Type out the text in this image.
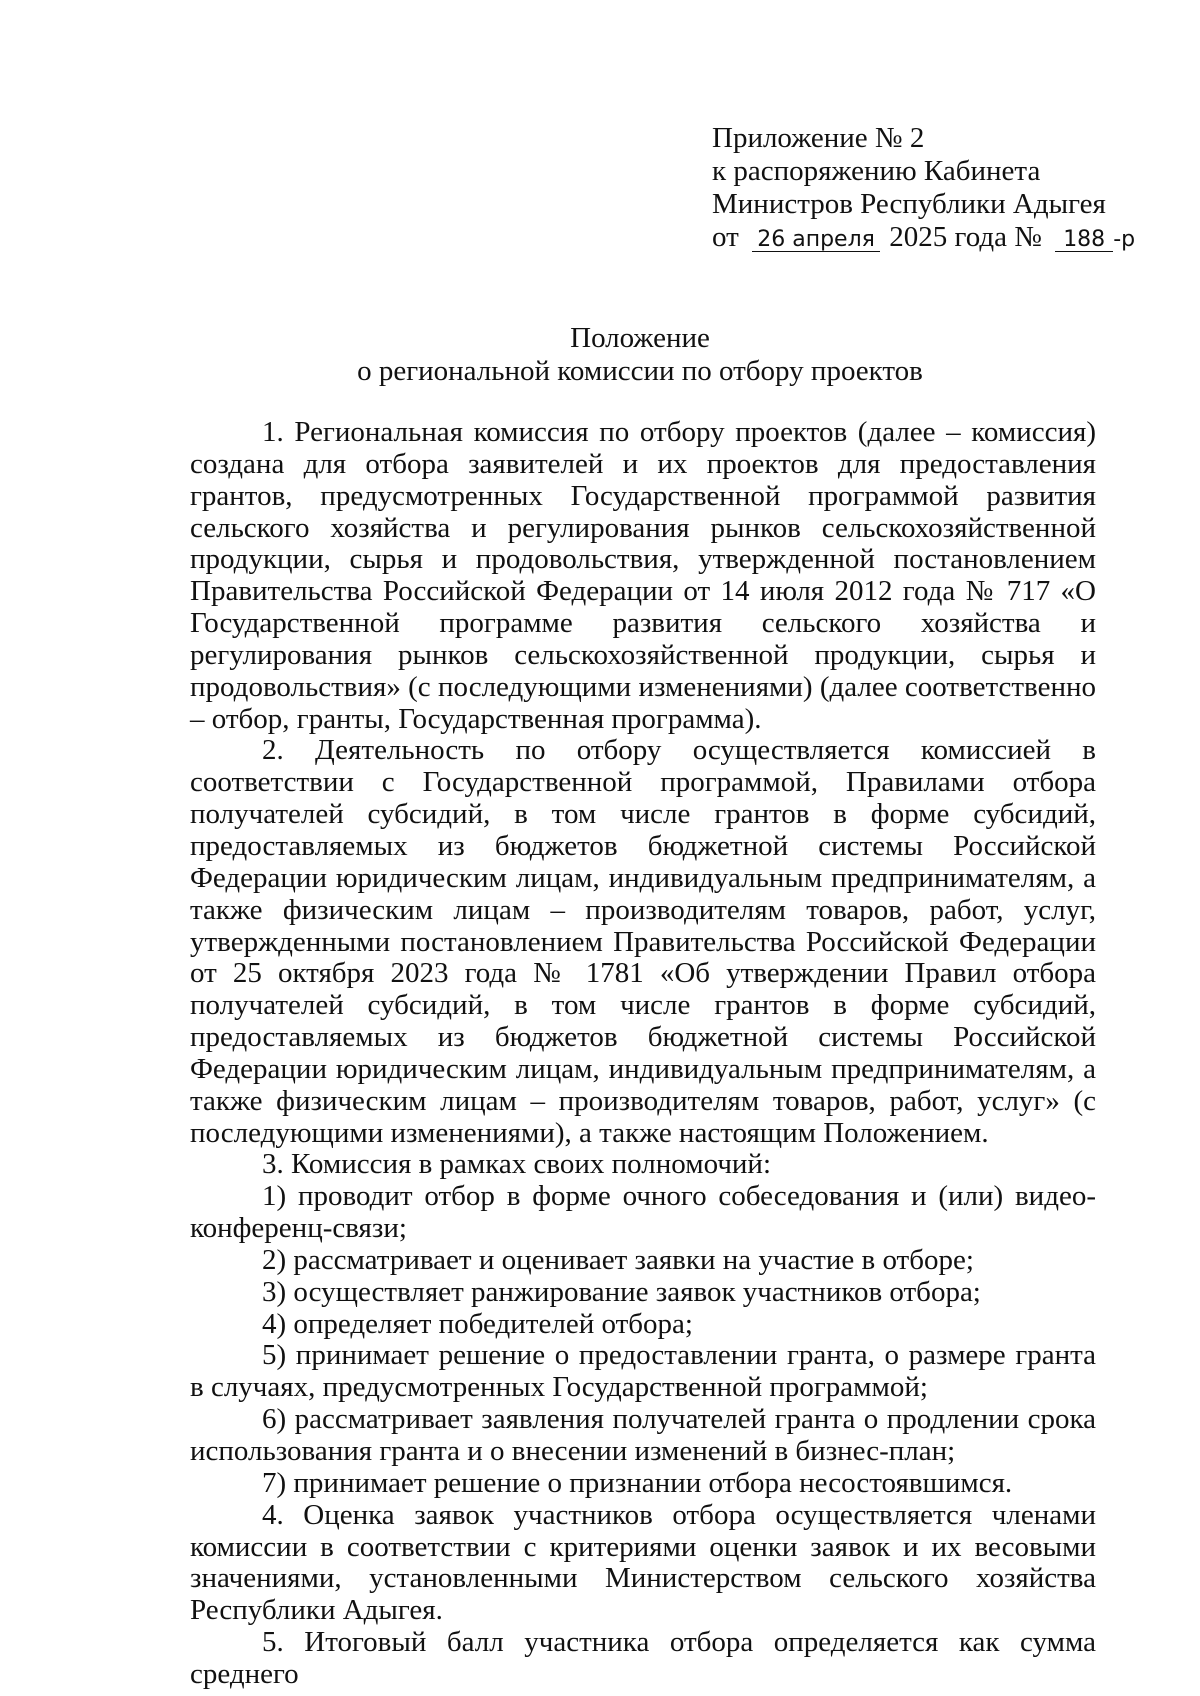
Приложение № 2
к распоряжению Кабинета
Министров Республики Адыгея
от 26 апреля 2025 года № 188 -р
Положение
о региональной комиссии по отбору проектов

1. Региональная комиссия по отбору проектов (далее – комиссия) создана для отбора заявителей и их проектов для предоставления грантов, предусмотренных Государственной программой развития сельского хозяйства и регулирования рынков сельскохозяйственной продукции, сырья и продовольствия, утвержденной постановлением Правительства Российской Федерации от 14 июля 2012 года № 717 «О Государственной программе развития сельского хозяйства и регулирования рынков сельскохозяйственной продукции, сырья и продовольствия» (с последующими изменениями) (далее соответственно – отбор, гранты, Государственная программа).

2. Деятельность по отбору осуществляется комиссией в соответствии с Государственной программой, Правилами отбора получателей субсидий, в том числе грантов в форме субсидий, предоставляемых из бюджетов бюджетной системы Российской Федерации юридическим лицам, индивидуальным предпринимателям, а также физическим лицам – производителям товаров, работ, услуг, утвержденными постановлением Правительства Российской Федерации от 25 октября 2023 года № 1781 «Об утверждении Правил отбора получателей субсидий, в том числе грантов в форме субсидий, предоставляемых из бюджетов бюджетной системы Российской Федерации юридическим лицам, индивидуальным предпринимателям, а также физическим лицам – производителям товаров, работ, услуг» (с последующими изменениями), а также настоящим Положением.

3. Комиссия в рамках своих полномочий:

1) проводит отбор в форме очного собеседования и (или) видео-конференц-связи;

2) рассматривает и оценивает заявки на участие в отборе;

3) осуществляет ранжирование заявок участников отбора;

4) определяет победителей отбора;

5) принимает решение о предоставлении гранта, о размере гранта в случаях, предусмотренных Государственной программой;

6) рассматривает заявления получателей гранта о продлении срока использования гранта и о внесении изменений в бизнес-план;

7) принимает решение о признании отбора несостоявшимся.

4. Оценка заявок участников отбора осуществляется членами комиссии в соответствии с критериями оценки заявок и их весовыми значениями, установленными Министерством сельского хозяйства Республики Адыгея.

5. Итоговый балл участника отбора определяется как сумма среднего
